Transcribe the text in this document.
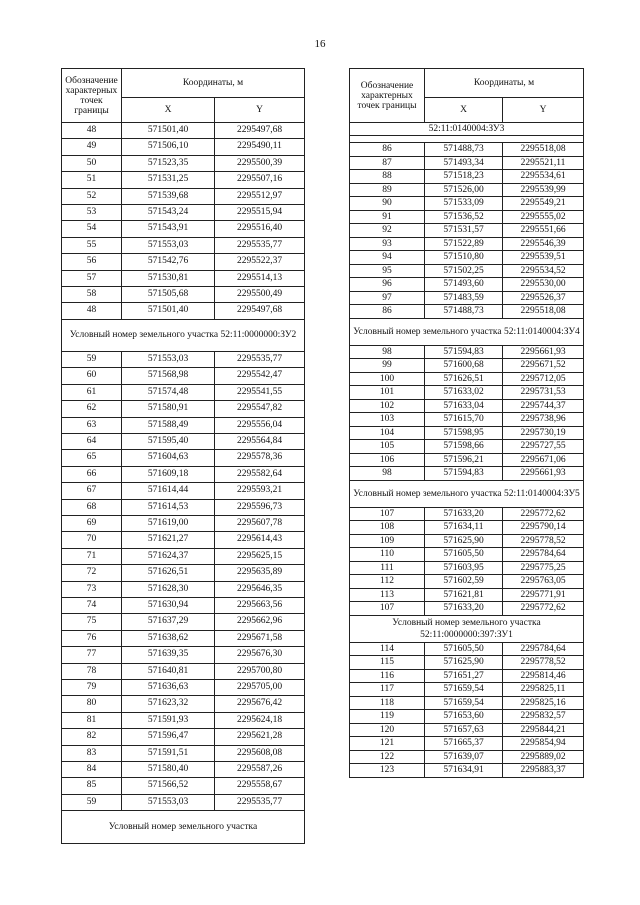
16
Обозначение характерных точек границы	Координаты, м	
	X	Y
48	571501,40	2295497,68
49	571506,10	2295490,11
50	571523,35	2295500,39
51	571531,25	2295507,16
52	571539,68	2295512,97
53	571543,24	2295515,94
54	571543,91	2295516,40
55	571553,03	2295535,77
56	571542,76	2295522,37
57	571530,81	2295514,13
58	571505,68	2295500,49
48	571501,40	2295497,68
Условный номер земельного участка 52:11:0000000:ЗУ2		
59	571553,03	2295535,77
60	571568,98	2295542,47
61	571574,48	2295541,55
62	571580,91	2295547,82
63	571588,49	2295556,04
64	571595,40	2295564,84
65	571604,63	2295578,36
66	571609,18	2295582,64
67	571614,44	2295593,21
68	571614,53	2295596,73
69	571619,00	2295607,78
70	571621,27	2295614,43
71	571624,37	2295625,15
72	571626,51	2295635,89
73	571628,30	2295646,35
74	571630,94	2295663,56
75	571637,29	2295662,96
76	571638,62	2295671,58
77	571639,35	2295676,30
78	571640,81	2295700,80
79	571636,63	2295705,00
80	571623,32	2295676,42
81	571591,93	2295624,18
82	571596,47	2295621,28
83	571591,51	2295608,08
84	571580,40	2295587,26
85	571566,52	2295558,67
59	571553,03	2295535,77
Условный номер земельного участка		
Обозначение характерных точек границы	Координаты, м	
	X	Y
52:11:0140004:ЗУ3		

86	571488,73	2295518,08
87	571493,34	2295521,11
88	571518,23	2295534,61
89	571526,00	2295539,99
90	571533,09	2295549,21
91	571536,52	2295555,02
92	571531,57	2295551,66
93	571522,89	2295546,39
94	571510,80	2295539,51
95	571502,25	2295534,52
96	571493,60	2295530,00
97	571483,59	2295526,37
86	571488,73	2295518,08
Условный номер земельного участка 52:11:0140004:ЗУ4		
98	571594,83	2295661,93
99	571600,68	2295671,52
100	571626,51	2295712,05
101	571633,02	2295731,53
102	571633,04	2295744,37
103	571615,70	2295738,96
104	571598,95	2295730,19
105	571598,66	2295727,55
106	571596,21	2295671,06
98	571594,83	2295661,93
Условный номер земельного участка 52:11:0140004:ЗУ5		
107	571633,20	2295772,62
108	571634,11	2295790,14
109	571625,90	2295778,52
110	571605,50	2295784,64
111	571603,95	2295775,25
112	571602,59	2295763,05
113	571621,81	2295771,91
107	571633,20	2295772,62
Условный номер земельного участка 52:11:0000000:397:ЗУ1		
114	571605,50	2295784,64
115	571625,90	2295778,52
116	571651,27	2295814,46
117	571659,54	2295825,11
118	571659,54	2295825,16
119	571653,60	2295832,57
120	571657,63	2295844,21
121	571665,37	2295854,94
122	571639,07	2295889,02
123	571634,91	2295883,37
